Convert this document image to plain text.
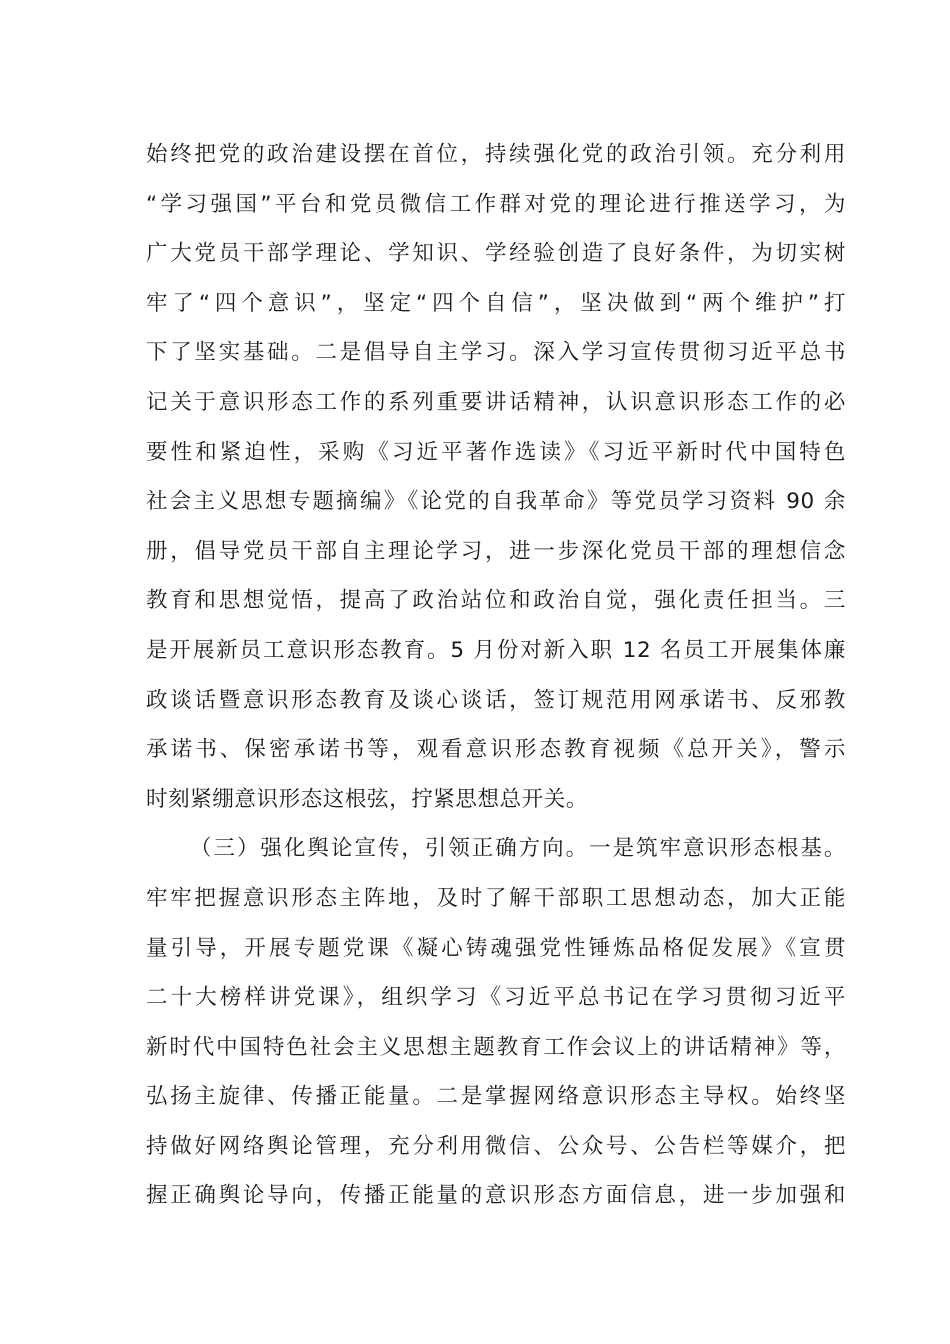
始终把党的政治建设摆在首位，持续强化党的政治引领。充分利用
“学习强国”平台和党员微信工作群对党的理论进行推送学习，为
广大党员干部学理论、学知识、学经验创造了良好条件，为切实树
牢了“四个意识”，坚定“四个自信”，坚决做到“两个维护”打
下了坚实基础。二是倡导自主学习。深入学习宣传贯彻习近平总书
记关于意识形态工作的系列重要讲话精神，认识意识形态工作的必
要性和紧迫性，采购《习近平著作选读》《习近平新时代中国特色
社会主义思想专题摘编》《论党的自我革命》等党员学习资料 90 余
册，倡导党员干部自主理论学习，进一步深化党员干部的理想信念
教育和思想觉悟，提高了政治站位和政治自觉，强化责任担当。三
是开展新员工意识形态教育。5 月份对新入职 12 名员工开展集体廉
政谈话暨意识形态教育及谈心谈话，签订规范用网承诺书、反邪教
承诺书、保密承诺书等，观看意识形态教育视频《总开关》，警示
时刻紧绷意识形态这根弦，拧紧思想总开关。
（三）强化舆论宣传，引领正确方向。一是筑牢意识形态根基。
牢牢把握意识形态主阵地，及时了解干部职工思想动态，加大正能
量引导，开展专题党课《凝心铸魂强党性锤炼品格促发展》《宣贯
二十大榜样讲党课》，组织学习《习近平总书记在学习贯彻习近平
新时代中国特色社会主义思想主题教育工作会议上的讲话精神》等，
弘扬主旋律、传播正能量。二是掌握网络意识形态主导权。始终坚
持做好网络舆论管理，充分利用微信、公众号、公告栏等媒介，把
握正确舆论导向，传播正能量的意识形态方面信息，进一步加强和
